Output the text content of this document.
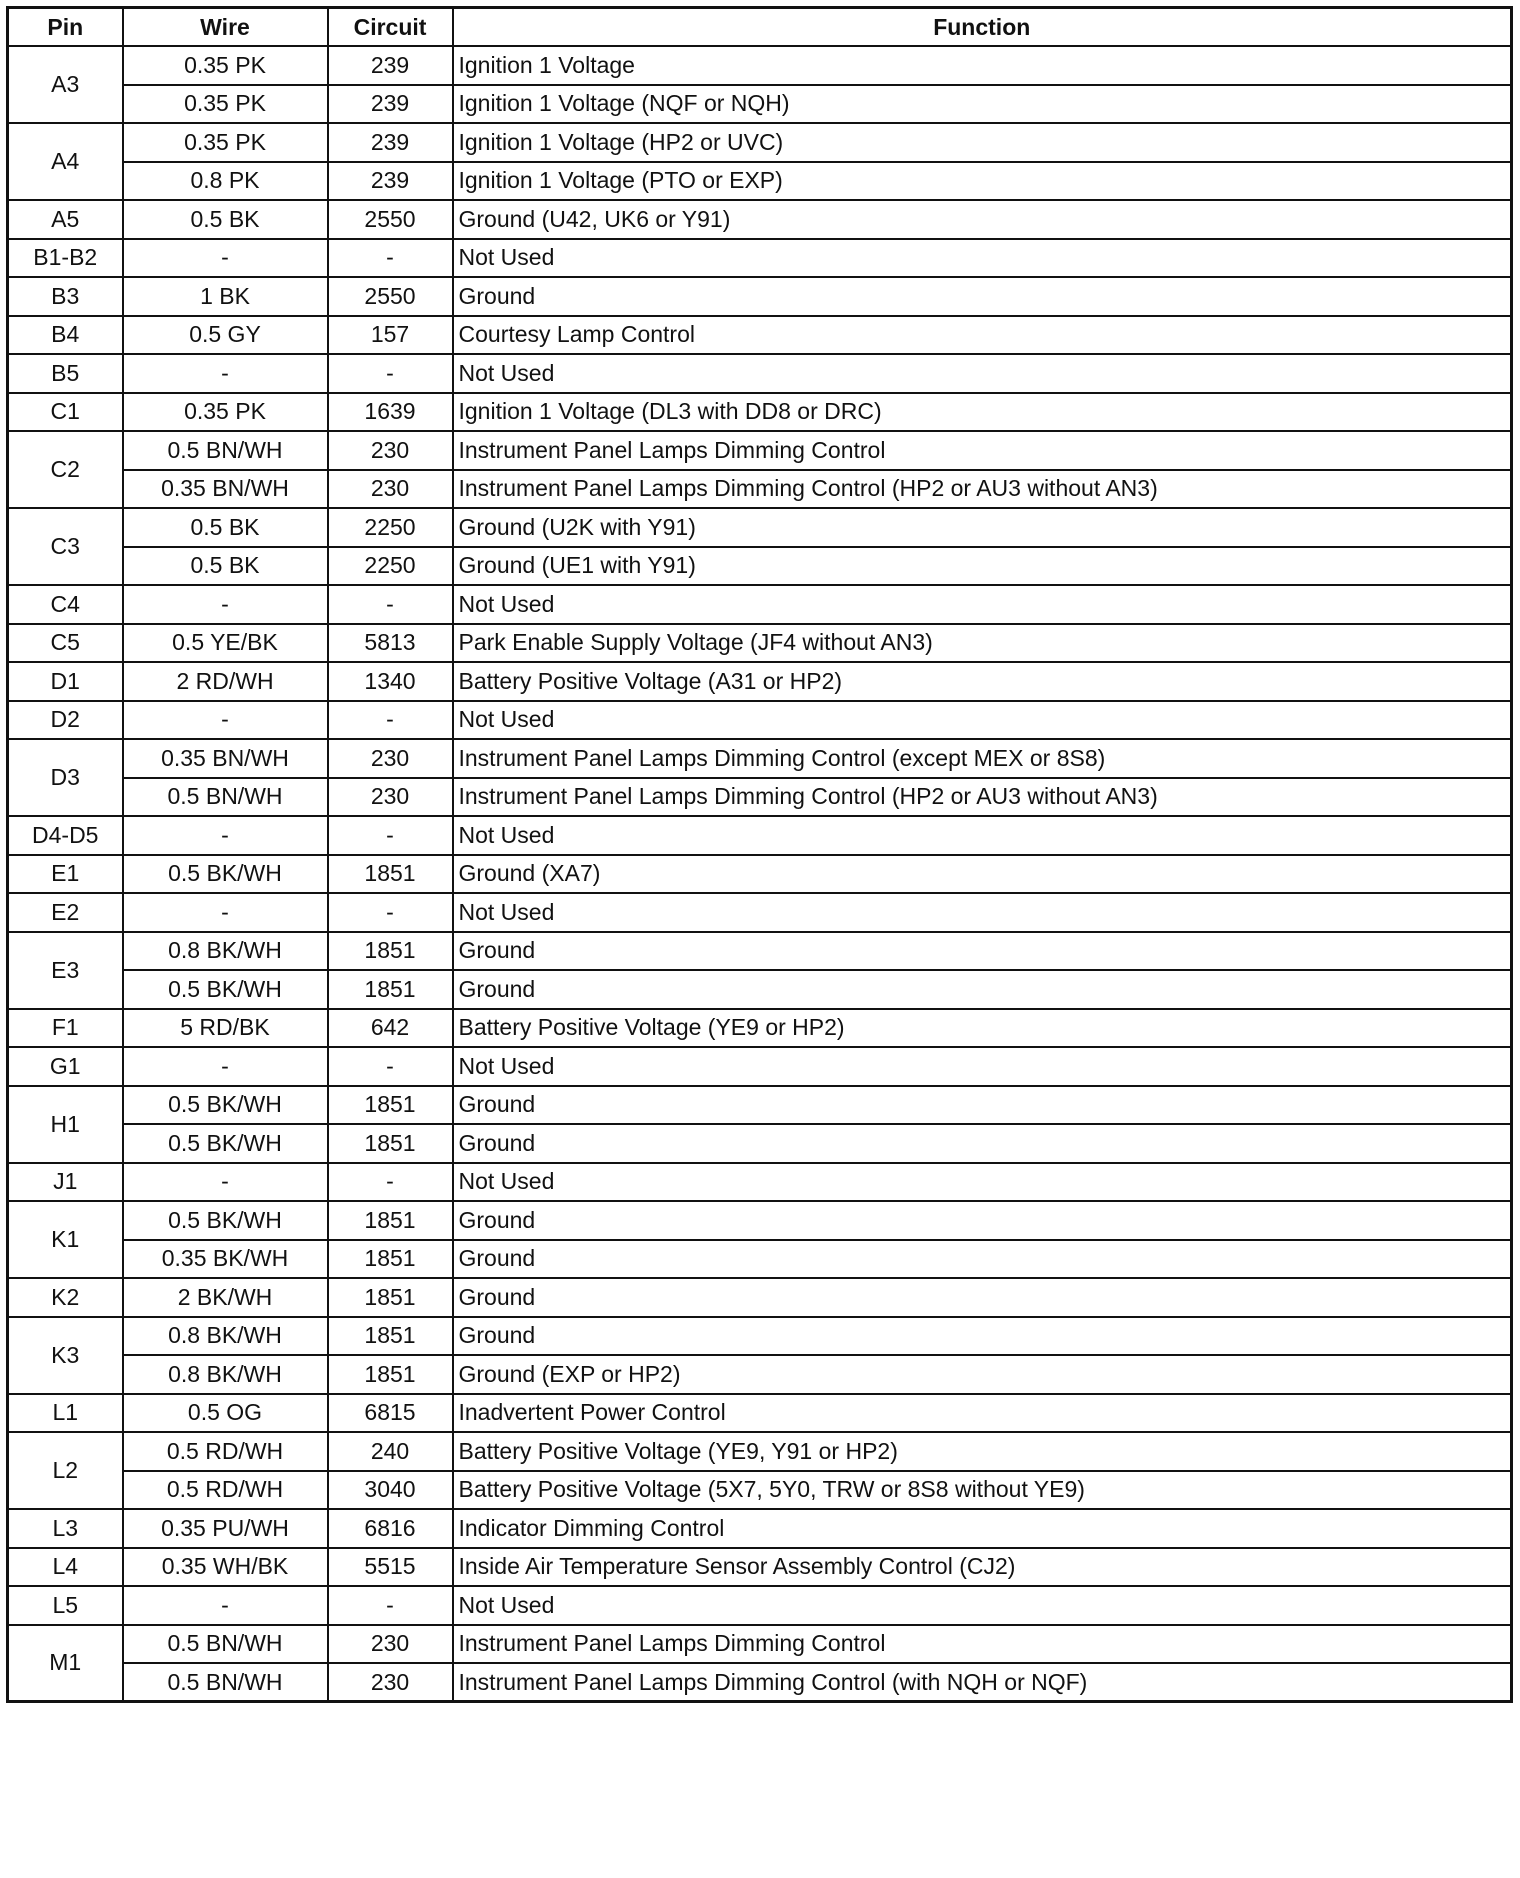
Pin	Wire	Circuit	Function
A3	0.35 PK	239	Ignition 1 Voltage
	0.35 PK	239	Ignition 1 Voltage (NQF or NQH)
A4	0.35 PK	239	Ignition 1 Voltage (HP2 or UVC)
	0.8 PK	239	Ignition 1 Voltage (PTO or EXP)
A5	0.5 BK	2550	Ground (U42, UK6 or Y91)
B1-B2	-	-	Not Used
B3	1 BK	2550	Ground
B4	0.5 GY	157	Courtesy Lamp Control
B5	-	-	Not Used
C1	0.35 PK	1639	Ignition 1 Voltage (DL3 with DD8 or DRC)
C2	0.5 BN/WH	230	Instrument Panel Lamps Dimming Control
	0.35 BN/WH	230	Instrument Panel Lamps Dimming Control (HP2 or AU3 without AN3)
C3	0.5 BK	2250	Ground (U2K with Y91)
	0.5 BK	2250	Ground (UE1 with Y91)
C4	-	-	Not Used
C5	0.5 YE/BK	5813	Park Enable Supply Voltage (JF4 without AN3)
D1	2 RD/WH	1340	Battery Positive Voltage (A31 or HP2)
D2	-	-	Not Used
D3	0.35 BN/WH	230	Instrument Panel Lamps Dimming Control (except MEX or 8S8)
	0.5 BN/WH	230	Instrument Panel Lamps Dimming Control (HP2 or AU3 without AN3)
D4-D5	-	-	Not Used
E1	0.5 BK/WH	1851	Ground (XA7)
E2	-	-	Not Used
E3	0.8 BK/WH	1851	Ground
	0.5 BK/WH	1851	Ground
F1	5 RD/BK	642	Battery Positive Voltage (YE9 or HP2)
G1	-	-	Not Used
H1	0.5 BK/WH	1851	Ground
	0.5 BK/WH	1851	Ground
J1	-	-	Not Used
K1	0.5 BK/WH	1851	Ground
	0.35 BK/WH	1851	Ground
K2	2 BK/WH	1851	Ground
K3	0.8 BK/WH	1851	Ground
	0.8 BK/WH	1851	Ground (EXP or HP2)
L1	0.5 OG	6815	Inadvertent Power Control
L2	0.5 RD/WH	240	Battery Positive Voltage (YE9, Y91 or HP2)
	0.5 RD/WH	3040	Battery Positive Voltage (5X7, 5Y0, TRW or 8S8 without YE9)
L3	0.35 PU/WH	6816	Indicator Dimming Control
L4	0.35 WH/BK	5515	Inside Air Temperature Sensor Assembly Control (CJ2)
L5	-	-	Not Used
M1	0.5 BN/WH	230	Instrument Panel Lamps Dimming Control
	0.5 BN/WH	230	Instrument Panel Lamps Dimming Control (with NQH or NQF)
